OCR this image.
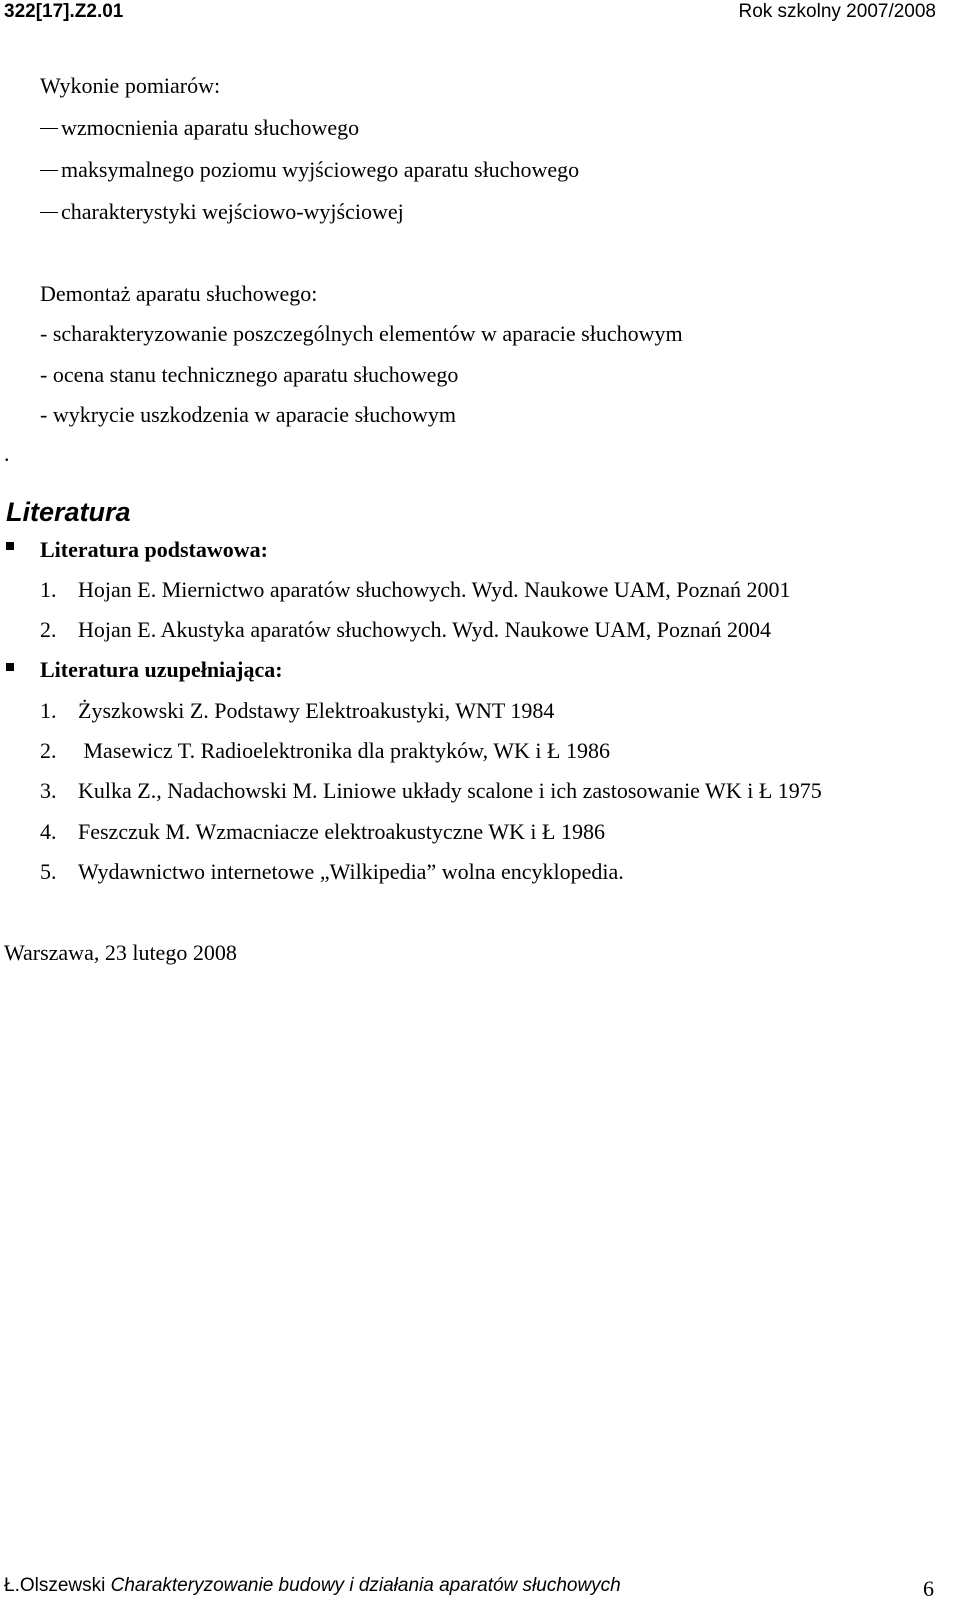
322[17].Z2.01	Rok szkolny 2007/2008
Wykonie pomiarów:
wzmocnienia aparatu słuchowego
maksymalnego poziomu wyjściowego aparatu słuchowego
charakterystyki wejściowo-wyjściowej
Demontaż aparatu słuchowego:
- scharakteryzowanie poszczególnych elementów w aparacie słuchowym
- ocena stanu technicznego aparatu słuchowego
- wykrycie uszkodzenia w aparacie słuchowym
.
Literatura
Literatura podstawowa:
1. Hojan E. Miernictwo aparatów słuchowych. Wyd. Naukowe UAM, Poznań 2001
2. Hojan E. Akustyka aparatów słuchowych. Wyd. Naukowe UAM, Poznań 2004
Literatura uzupełniająca:
1. Żyszkowski Z. Podstawy Elektroakustyki, WNT 1984
2. Masewicz T. Radioelektronika dla praktyków, WK i Ł 1986
3. Kulka Z., Nadachowski M. Liniowe układy scalone i ich zastosowanie WK i Ł 1975
4. Feszczuk M. Wzmacniacze elektroakustyczne WK i Ł 1986
5. Wydawnictwo internetowe „Wilkipedia” wolna encyklopedia.
Warszawa, 23 lutego 2008
Ł.Olszewski Charakteryzowanie budowy i działania aparatów słuchowych	6
